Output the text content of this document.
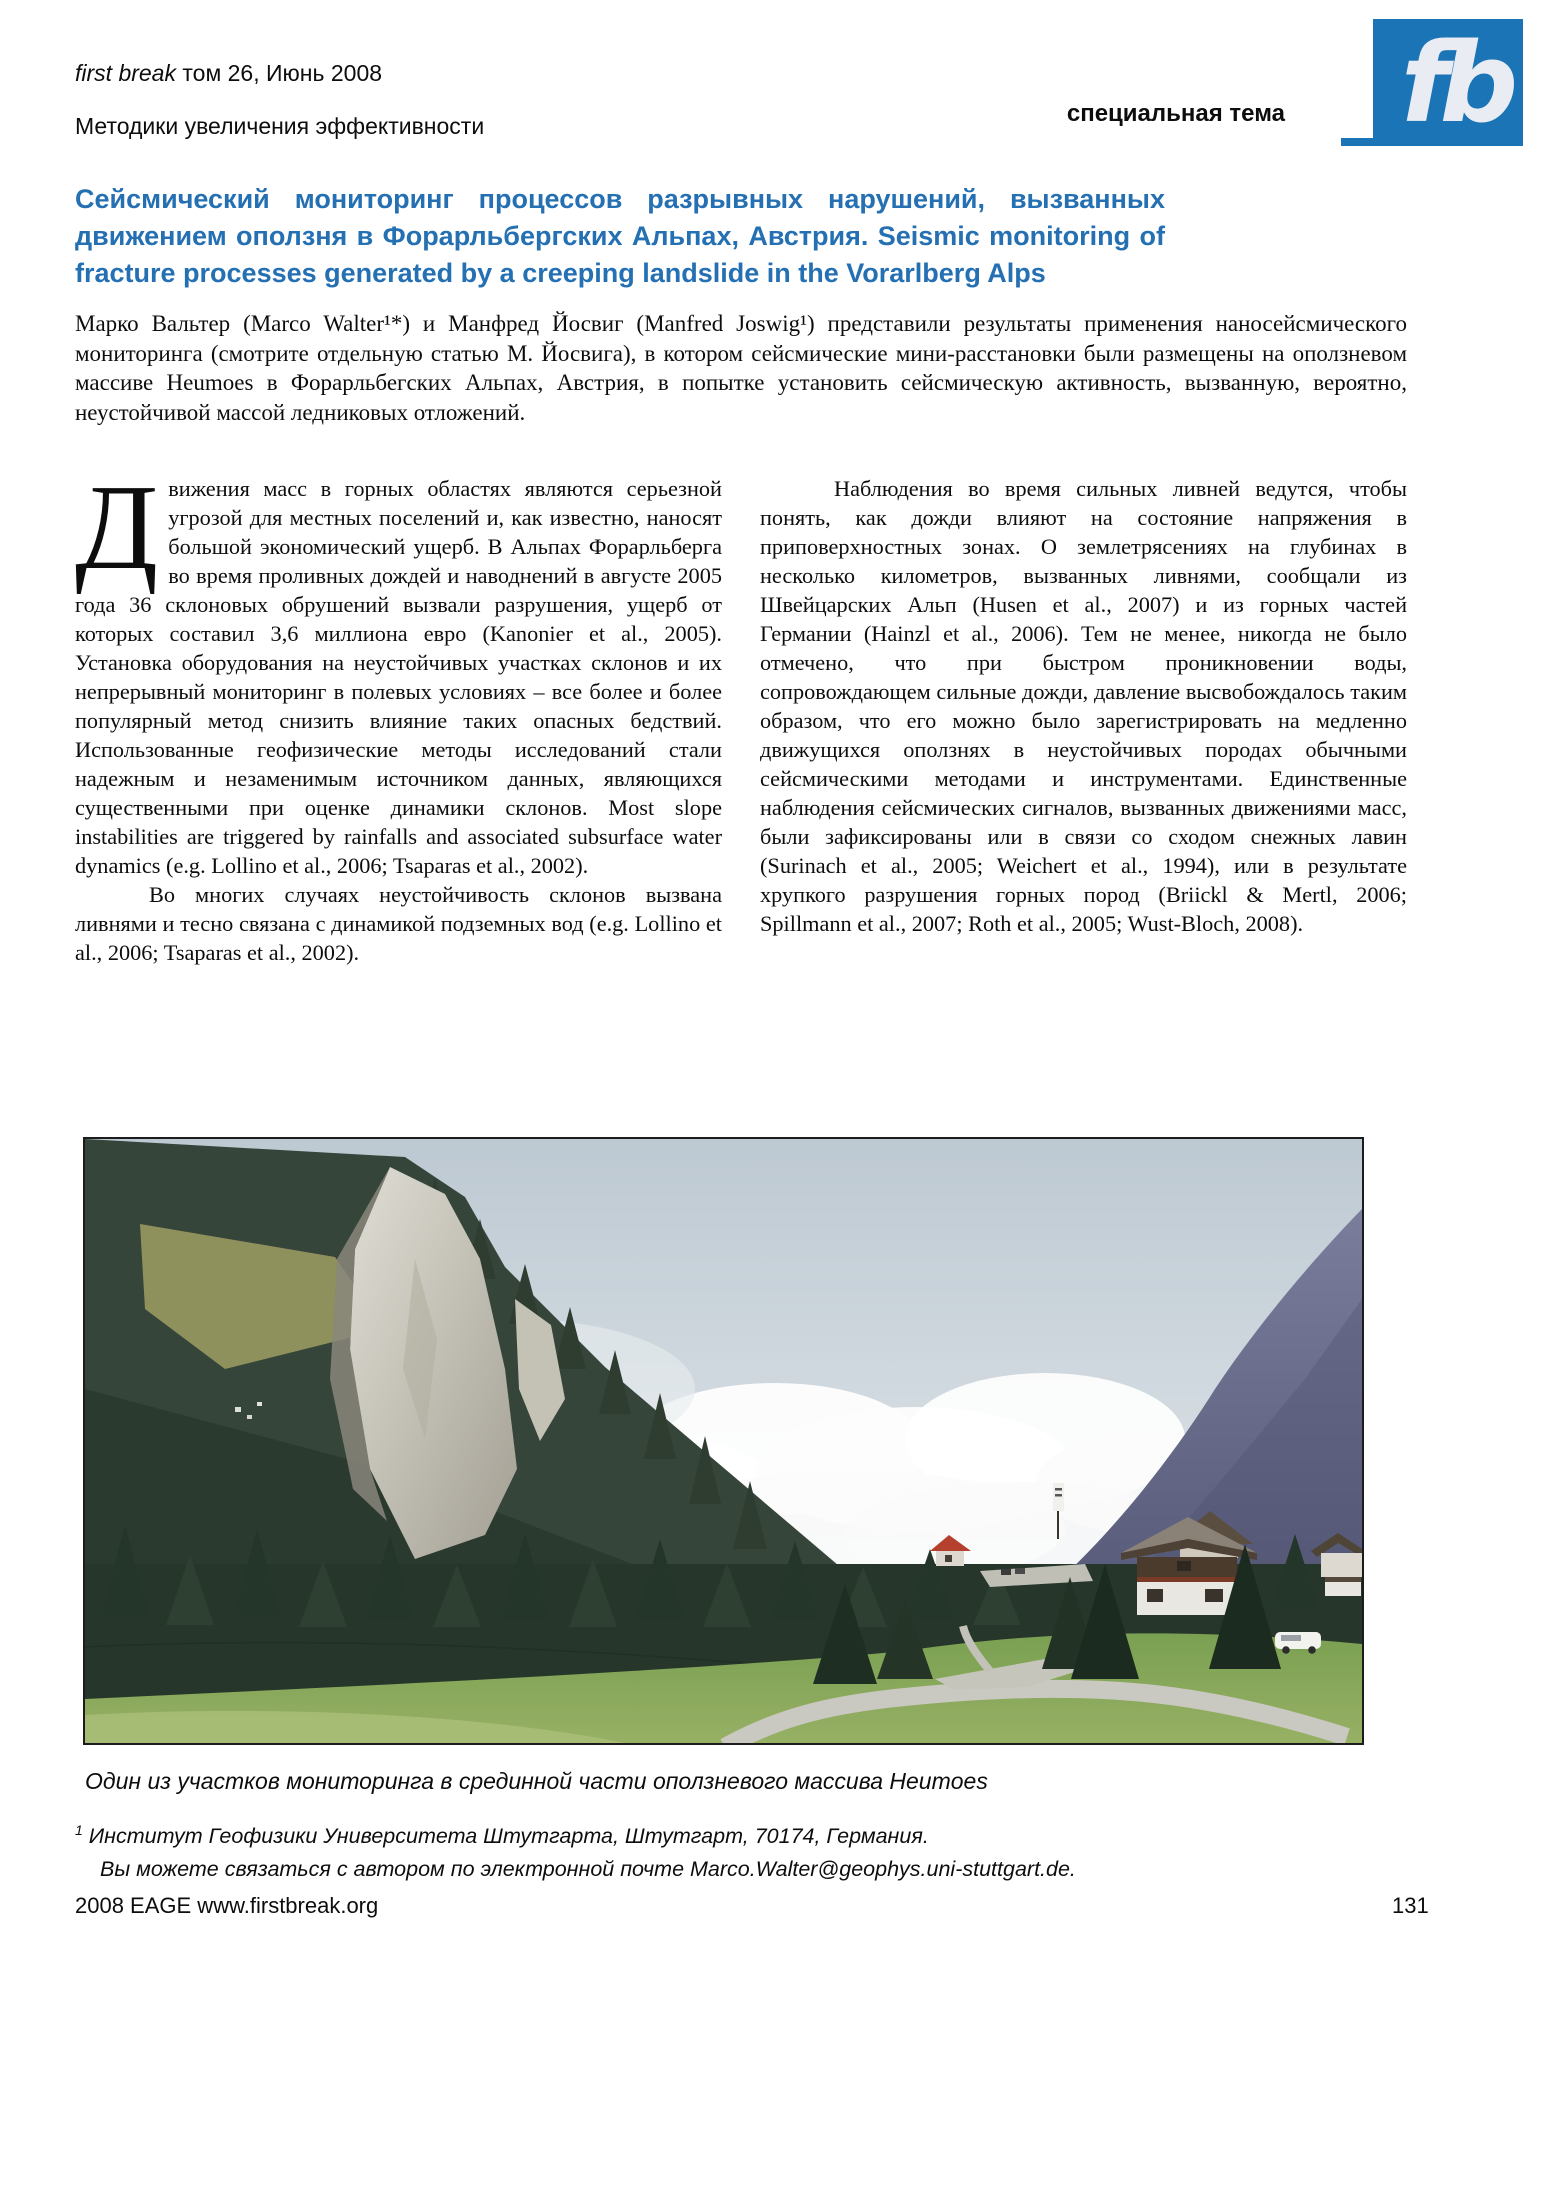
first break том 26, Июнь 2008
Методики увеличения эффективности	специальная тема fb
Сейсмический мониторинг процессов разрывных нарушений, вызванных движением оползня в Форарльбергских Альпах, Австрия. Seismic monitoring of fracture processes generated by a creeping landslide in the Vorarlberg Alps
Марко Вальтер (Marco Walter¹*) и Манфред Йосвиг (Manfred Joswig¹) представили результаты применения наносейсмического мониторинга (смотрите отдельную статью М. Йосвига), в котором сейсмические мини-расстановки были размещены на оползневом массиве Heumoes в Форарльбегских Альпах, Австрия, в попытке установить сейсмическую активность, вызванную, вероятно, неустойчивой массой ледниковых отложений.

Движения масс в горных областях являются серьезной угрозой для местных поселений и, как известно, наносят большой экономический ущерб. В Альпах Форарльберга во время проливных дождей и наводнений в августе 2005 года 36 склоновых обрушений вызвали разрушения, ущерб от которых составил 3,6 миллиона евро (Kanonier et al., 2005). Установка оборудования на неустойчивых участках склонов и их непрерывный мониторинг в полевых условиях – все более и более популярный метод снизить влияние таких опасных бедствий. Использованные геофизические методы исследований стали надежным и незаменимым источником данных, являющихся существенными при оценке динамики склонов. Most slope instabilities are triggered by rainfalls and associated subsurface water dynamics (e.g. Lollino et al., 2006; Tsaparas et al., 2002).

Во многих случаях неустойчивость склонов вызвана ливнями и тесно связана с динамикой подземных вод (e.g. Lollino et al., 2006; Tsaparas et al., 2002).

Наблюдения во время сильных ливней ведутся, чтобы понять, как дожди влияют на состояние напряжения в приповерхностных зонах. О землетрясениях на глубинах в несколько километров, вызванных ливнями, сообщали из Швейцарских Альп (Husen et al., 2007) и из горных частей Германии (Hainzl et al., 2006). Тем не менее, никогда не было отмечено, что при быстром проникновении воды, сопровождающем сильные дожди, давление высвобождалось таким образом, что его можно было зарегистрировать на медленно движущихся оползнях в неустойчивых породах обычными сейсмическими методами и инструментами. Единственные наблюдения сейсмических сигналов, вызванных движениями масс, были зафиксированы или в связи со сходом снежных лавин (Surinach et al., 2005; Weichert et al., 1994), или в результате хрупкого разрушения горных пород (Briickl & Mertl, 2006; Spillmann et al., 2007; Roth et al., 2005; Wust-Bloch, 2008).

Один из участков мониторинга в срединной части оползневого массива Heumoes
$^1$ Институт Геофизики Университета Штутгарта, Штутгарт, 70174, Германия.
Вы можете связаться с автором по электронной почте Marco.Walter@geophys.uni-stuttgart.de.
2008 EAGE www.firstbreak.org	131
